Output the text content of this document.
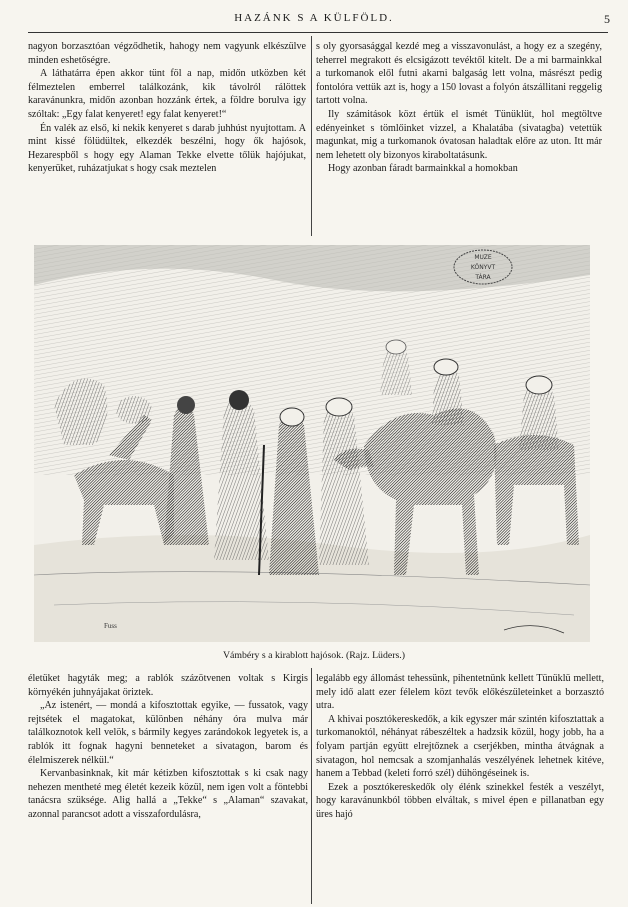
HAZÁNK S A KÜLFÖLD.	5

nagyon borzasztóan végződhetik, hahogy nem vagyunk elkészülve minden eshetőségre.

A láthatárra épen akkor tünt föl a nap, midőn utközben két félmeztelen emberrel találkozánk, kik távolról rálöttek karavánunkra, midőn azonban hozzánk értek, a földre borulva igy szóltak: „Egy falat kenyeret! egy falat kenyeret!“

Én valék az első, ki nekik kenyeret s darab juhhúst nyujtottam. A mint kissé fölüdültek, elkezdék beszélni, hogy ők hajósok, Hezarespből s hogy egy Alaman Tekke elvette tőlük hajójukat, kenyerüket, ruházatjukat s hogy csak meztelen

s oly gyorsasággal kezdé meg a visszavonulást, a hogy ez a szegény, teherrel megrakott és elcsigázott tevéktől kitelt. De a mi barmainkkal a turkomanok elől futni akarni balgaság lett volna, másrészt pedig fontolóra vettük azt is, hogy a 150 lovast a folyón átszállitani reggelig tartott volna.

Ily számitások közt értük el ismét Tünüklüt, hol megtöltve edényeinket s tömlőinket vizzel, a Khalatába (sivatagba) vetettük magunkat, mig a turkomanok óvatosan haladtak előre az uton. Itt már nem lehetett oly bizonyos kiraboltatásunk.

Hogy azonban fáradt barmainkkal a homokban

Fuss
MUZE
KÖNYVT
TÁRA
Vámbéry s a kirablott hajósok. (Rajz. Lüders.)

életüket hagyták meg; a rablók százötvenen voltak s Kirgis környékén juhnyájakat öriztek.

„Az istenért, — mondá a kifosztottak egyike, — fussatok, vagy rejtsétek el magatokat, különben néhány óra mulva már találkoznotok kell velök, s bármily kegyes zarándokok legyetek is, a rablók itt fognak hagyni benneteket a sivatagon, barom és élelmiszerek nélkül.“

Kervanbasinknak, kit már kétizben kifosztottak s ki csak nagy nehezen mentheté meg életét kezeik közül, nem igen volt a föntebbi tanácsra szüksége. Alig hallá a „Tekke“ s „Alaman“ szavakat, azonnal parancsot adott a visszafordulásra,

legalább egy állomást tehessünk, pihentetnünk kellett Tünüklü mellett, mely idő alatt ezer félelem közt tevők előkészületeinket a borzasztó utra.

A khivai posztókereskedők, a kik egyszer már szintén kifosztattak a turkomanoktól, néhányat rábeszéltek a hadzsik közül, hogy jobb, ha a folyam partján együtt elrejtőznek a cserjékben, mintha átvágnak a sivatagon, hol nemcsak a szomjanhalás veszélyének lehetnek kitéve, hanem a Tebbad (keleti forró szél) dühöngéseinek is.

Ezek a posztókereskedők oly élénk szinekkel festék a veszélyt, hogy karavánunkból többen elváltak, s mivel épen e pillanatban egy üres hajó
